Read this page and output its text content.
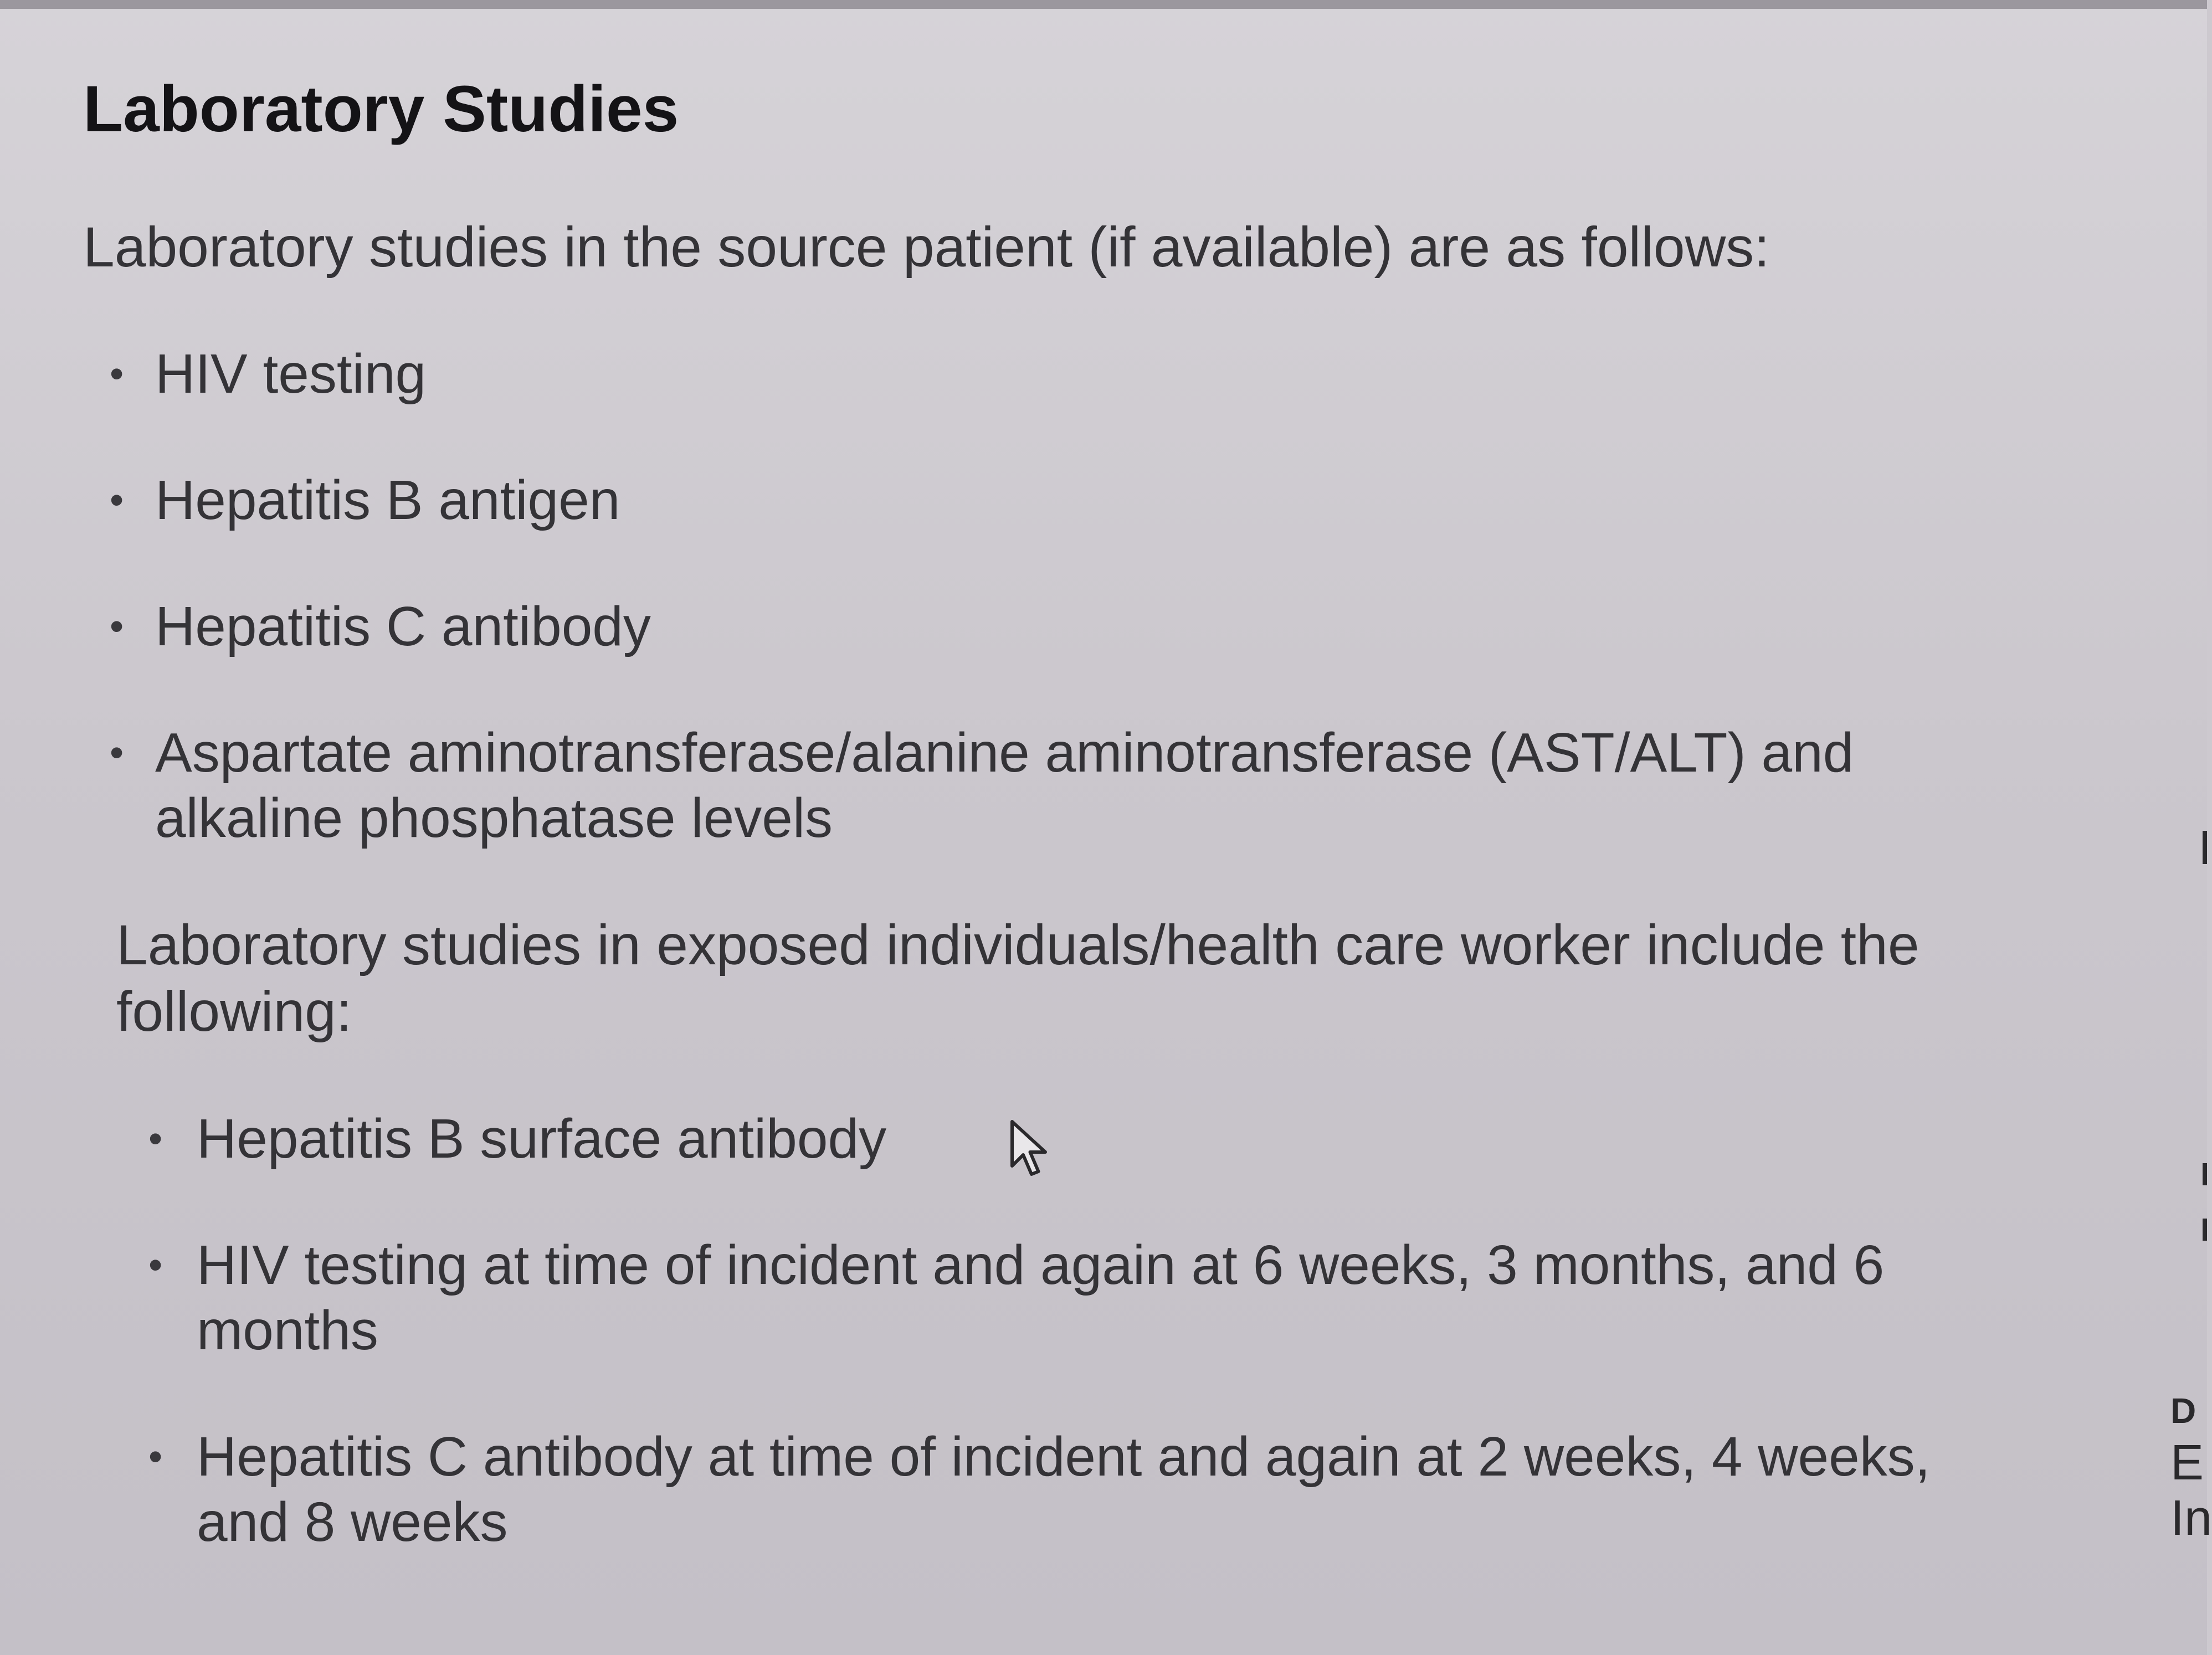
Laboratory Studies

Laboratory studies in the source patient (if available) are as follows:

• HIV testing
• Hepatitis B antigen
• Hepatitis C antibody
• Aspartate aminotransferase/alanine aminotransferase (AST/ALT) and alkaline phosphatase levels

Laboratory studies in exposed individuals/health care worker include the following:

• Hepatitis B surface antibody
• HIV testing at time of incident and again at 6 weeks, 3 months, and 6 months
• Hepatitis C antibody at time of incident and again at 2 weeks, 4 weeks, and 8 weeks
D
E
In
